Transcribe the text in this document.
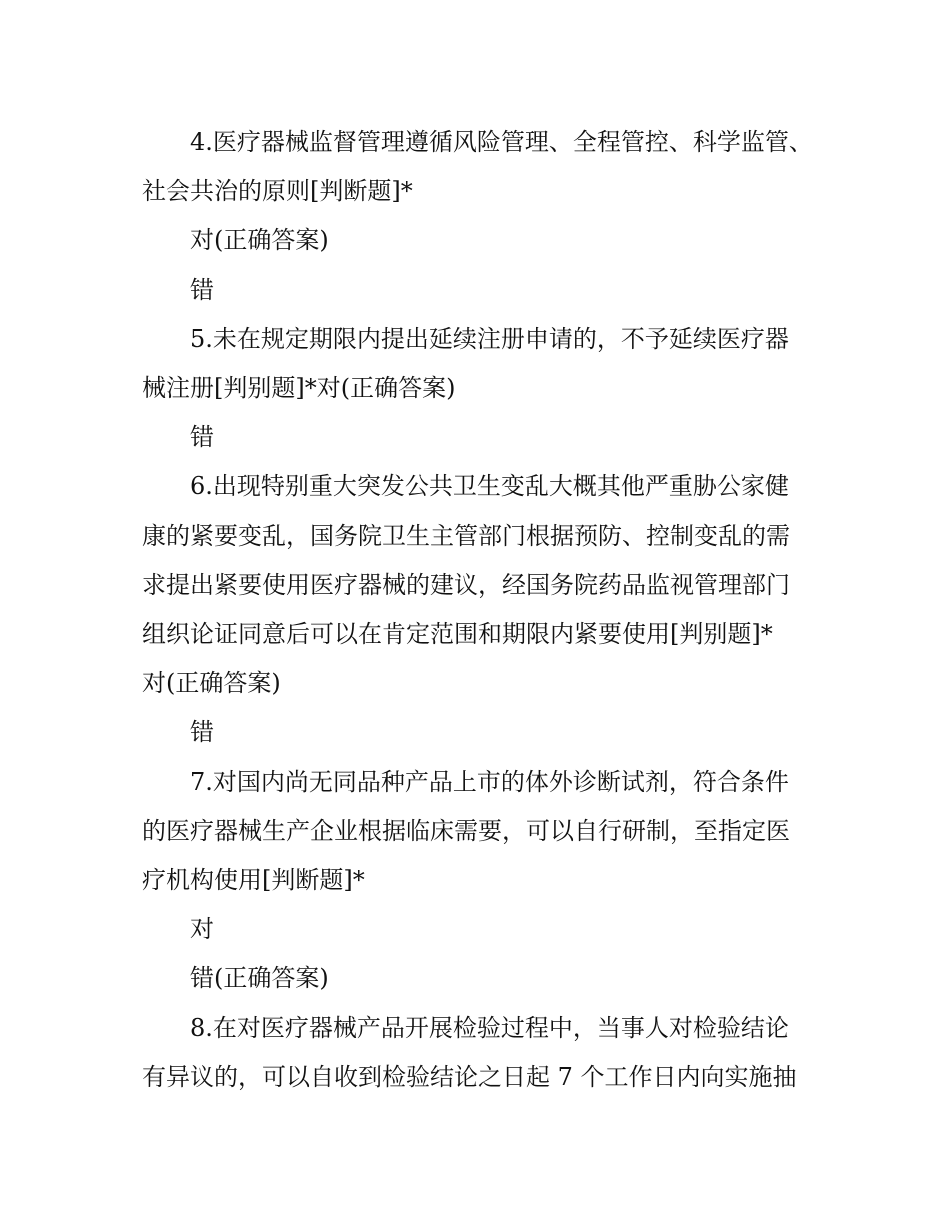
4.医疗器械监督管理遵循风险管理、全程管控、科学监管、

社会共治的原则[判断题]*

对(正确答案)

错

5.未在规定期限内提出延续注册申请的，不予延续医疗器

械注册[判别题]*对(正确答案)

错

6.出现特别重大突发公共卫生变乱大概其他严重胁公家健

康的紧要变乱，国务院卫生主管部门根据预防、控制变乱的需

求提出紧要使用医疗器械的建议，经国务院药品监视管理部门

组织论证同意后可以在肯定范围和期限内紧要使用[判别题]*

对(正确答案)

错

7.对国内尚无同品种产品上市的体外诊断试剂，符合条件

的医疗器械生产企业根据临床需要，可以自行研制，至指定医

疗机构使用[判断题]*

对

错(正确答案)

8.在对医疗器械产品开展检验过程中，当事人对检验结论

有异议的，可以自收到检验结论之日起 7 个工作日内向实施抽
